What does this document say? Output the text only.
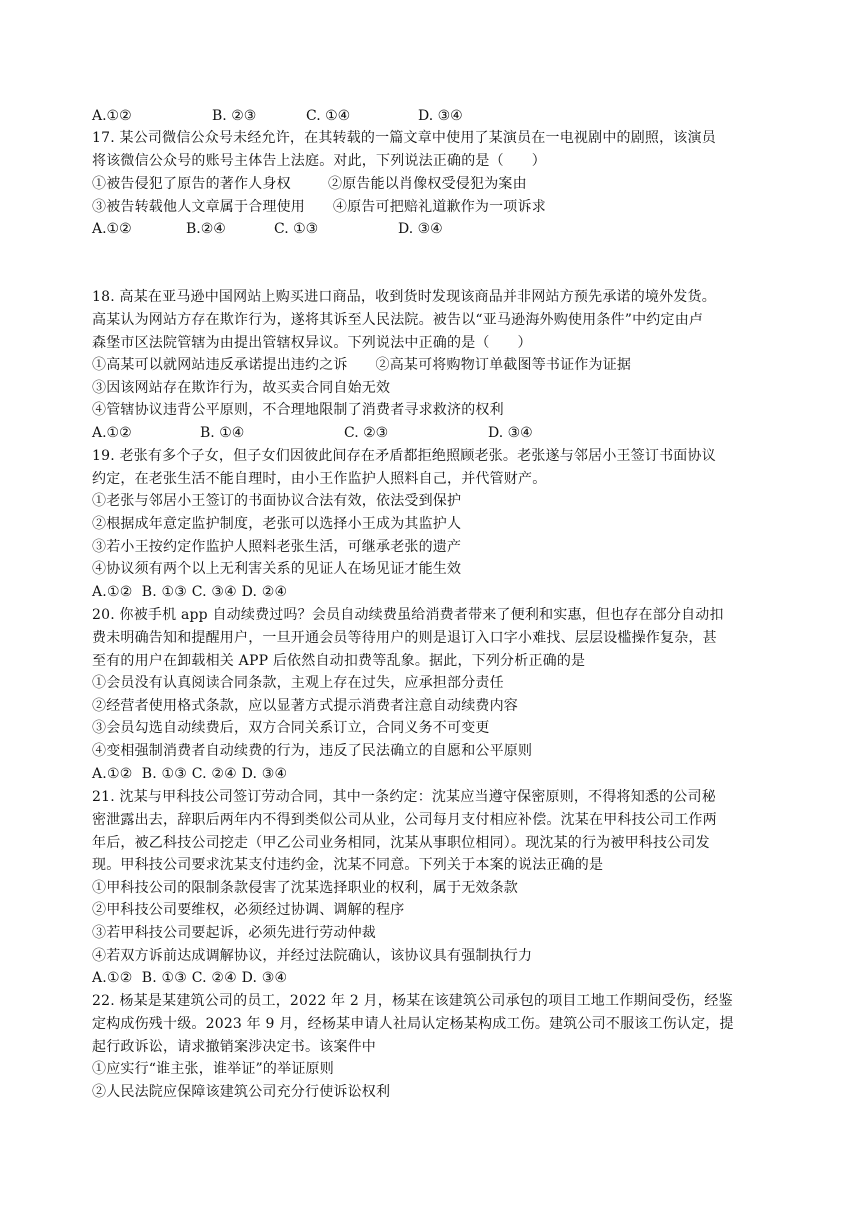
A.①②

	B. ②③

	C. ①④

	D. ③④

17. 某公司微信公众号未经允许，在其转载的一篇文章中使用了某演员在一电视剧中的剧照，该演员
将该微信公众号的账号主体告上法庭。对此，下列说法正确的是（      ）
①被告侵犯了原告的著作人身权        ②原告能以肖像权受侵犯为案由
③被告转载他人文章属于合理使用      ④原告可把赔礼道歉作为一项诉求

A.①②

	B.②④

	C. ①③

	D. ③④

18. 高某在亚马逊中国网站上购买进口商品，收到货时发现该商品并非网站方预先承诺的境外发货。
高某认为网站方存在欺诈行为，遂将其诉至人民法院。被告以“亚马逊海外购使用条件”中约定由卢
森堡市区法院管辖为由提出管辖权异议。下列说法中正确的是（      ）
①高某可以就网站违反承诺提出违约之诉      ②高某可将购物订单截图等书证作为证据
③因该网站存在欺诈行为，故买卖合同自始无效
④管辖协议违背公平原则，不合理地限制了消费者寻求救济的权利

A.①②

	B. ①④

	C. ②③

	D. ③④

19. 老张有多个子女，但子女们因彼此间存在矛盾都拒绝照顾老张。老张遂与邻居小王签订书面协议
约定，在老张生活不能自理时，由小王作监护人照料自己，并代管财产。
①老张与邻居小王签订的书面协议合法有效，依法受到保护
②根据成年意定监护制度，老张可以选择小王成为其监护人
③若小王按约定作监护人照料老张生活，可继承老张的遗产
④协议须有两个以上无利害关系的见证人在场见证才能生效
A.①②  B. ①③ C. ③④ D. ②④
20. 你被手机 app 自动续费过吗？会员自动续费虽给消费者带来了便利和实惠，但也存在部分自动扣
费未明确告知和提醒用户，一旦开通会员等待用户的则是退订入口字小难找、层层设槛操作复杂，甚
至有的用户在卸载相关 APP 后依然自动扣费等乱象。据此，下列分析正确的是
①会员没有认真阅读合同条款，主观上存在过失，应承担部分责任
②经营者使用格式条款，应以显著方式提示消费者注意自动续费内容
③会员勾选自动续费后，双方合同关系订立，合同义务不可变更
④变相强制消费者自动续费的行为，违反了民法确立的自愿和公平原则
A.①②  B. ①③ C. ②④ D. ③④
21. 沈某与甲科技公司签订劳动合同，其中一条约定：沈某应当遵守保密原则，不得将知悉的公司秘
密泄露出去，辞职后两年内不得到类似公司从业，公司每月支付相应补偿。沈某在甲科技公司工作两
年后，被乙科技公司挖走（甲乙公司业务相同，沈某从事职位相同）。现沈某的行为被甲科技公司发
现。甲科技公司要求沈某支付违约金，沈某不同意。下列关于本案的说法正确的是
①甲科技公司的限制条款侵害了沈某选择职业的权利，属于无效条款
②甲科技公司要维权，必须经过协调、调解的程序
③若甲科技公司要起诉，必须先进行劳动仲裁
④若双方诉前达成调解协议，并经过法院确认，该协议具有强制执行力
A.①②  B. ①③ C. ②④ D. ③④
22. 杨某是某建筑公司的员工，2022 年 2 月，杨某在该建筑公司承包的项目工地工作期间受伤，经鉴
定构成伤残十级。2023 年 9 月，经杨某申请人社局认定杨某构成工伤。建筑公司不服该工伤认定，提
起行政诉讼，请求撤销案涉决定书。该案件中
①应实行“谁主张，谁举证”的举证原则
②人民法院应保障该建筑公司充分行使诉讼权利
